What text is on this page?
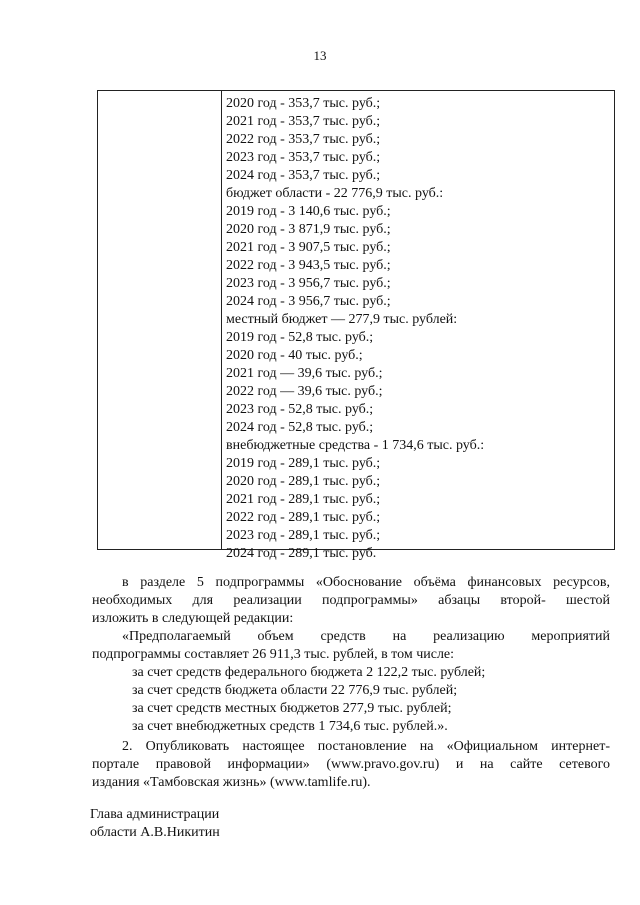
13
2020 год - 353,7 тыс. руб.;
2021 год - 353,7 тыс. руб.;
2022 год - 353,7 тыс. руб.;
2023 год - 353,7 тыс. руб.;
2024 год - 353,7 тыс. руб.;
бюджет области - 22 776,9 тыс. руб.:
2019 год - 3 140,6 тыс. руб.;
2020 год - 3 871,9 тыс. руб.;
2021 год - 3 907,5 тыс. руб.;
2022 год - 3 943,5 тыс. руб.;
2023 год - 3 956,7 тыс. руб.;
2024 год - 3 956,7 тыс. руб.;
местный бюджет — 277,9 тыс. рублей:
2019 год - 52,8 тыс. руб.;
2020 год - 40 тыс. руб.;
2021 год — 39,6 тыс. руб.;
2022 год — 39,6 тыс. руб.;
2023 год - 52,8 тыс. руб.;
2024 год - 52,8 тыс. руб.;
внебюджетные средства - 1 734,6 тыс. руб.:
2019 год - 289,1 тыс. руб.;
2020 год - 289,1 тыс. руб.;
2021 год - 289,1 тыс. руб.;
2022 год - 289,1 тыс. руб.;
2023 год - 289,1 тыс. руб.;
2024 год - 289,1 тыс. руб.
в разделе 5 подпрограммы «Обоснование объёма финансовых ресурсов,
необходимых для реализации подпрограммы» абзацы второй- шестой
изложить в следующей редакции:
«Предполагаемый объем средств на реализацию мероприятий
подпрограммы составляет 26 911,3 тыс. рублей, в том числе:
за счет средств федерального бюджета 2 122,2 тыс. рублей;
за счет средств бюджета области 22 776,9 тыс. рублей;
за счет средств местных бюджетов 277,9 тыс. рублей;
за счет внебюджетных средств 1 734,6 тыс. рублей.».
2. Опубликовать настоящее постановление на «Официальном интернет-
портале правовой информации» (www.pravo.gov.ru) и на сайте сетевого
издания «Тамбовская жизнь» (www.tamlife.ru).
Глава администрации
области А.В.Никитин
